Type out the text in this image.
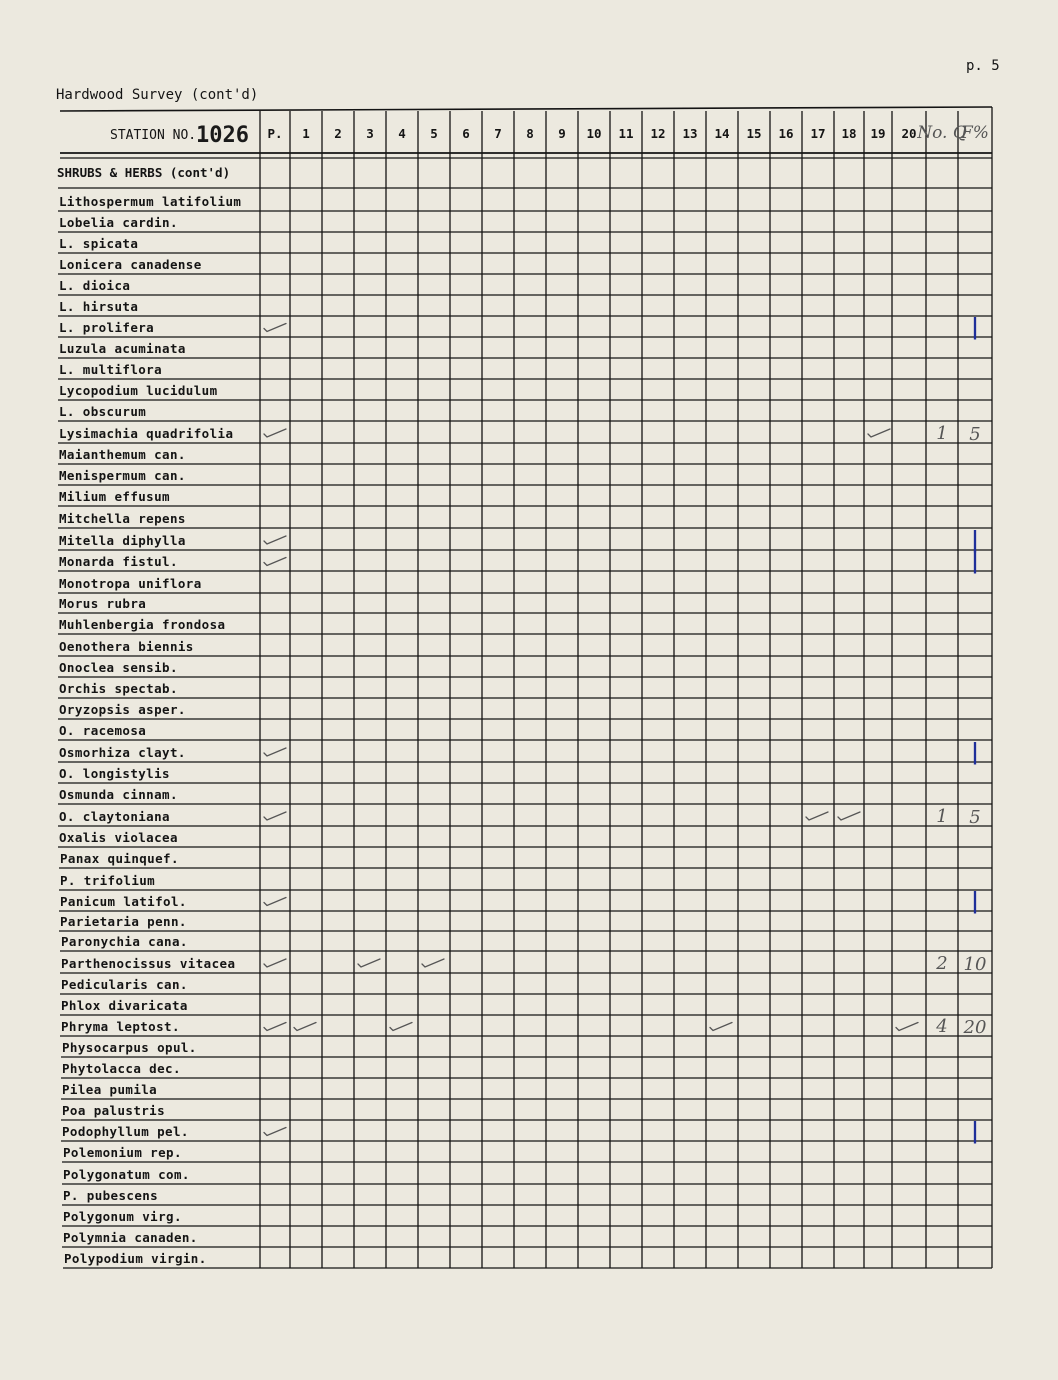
p. 5
Hardwood Survey (cont'd)
STATION NO. 1026 P. 1 2 3 4 5 6 7 8 9 10 11 12 13 14 15 16 17 18 19 20 No. Q
F%
SHRUBS & HERBS (cont'd)
Lithospermum latifolium
Lobelia cardin.
L. spicata
Lonicera canadense
L. dioica
L. hirsuta
L. prolifera
Luzula acuminata
L. multiflora
Lycopodium lucidulum
L. obscurum
Lysimachia quadrifolia
Maianthemum can.
Menispermum can.
Milium effusum
Mitchella repens
Mitella diphylla
Monarda fistul.
Monotropa uniflora
Morus rubra
Muhlenbergia frondosa
Oenothera biennis
Onoclea sensib.
Orchis spectab.
Oryzopsis asper.
O. racemosa
Osmorhiza clayt.
O. longistylis
Osmunda cinnam.
O. claytoniana
Oxalis violacea
Panax quinquef.
P. trifolium
Panicum latifol.
Parietaria penn.
Paronychia cana.
Parthenocissus vitacea
Pedicularis can.
Phlox divaricata
Phryma leptost.
Physocarpus opul.
Phytolacca dec.
Pilea pumila
Poa palustris
Podophyllum pel.
Polemonium rep.
Polygonatum com.
P. pubescens
Polygonum virg.
Polymnia canaden.
Polypodium virgin.
|
1 5
|
|
|
1 5
|
2 10
4 20
|
